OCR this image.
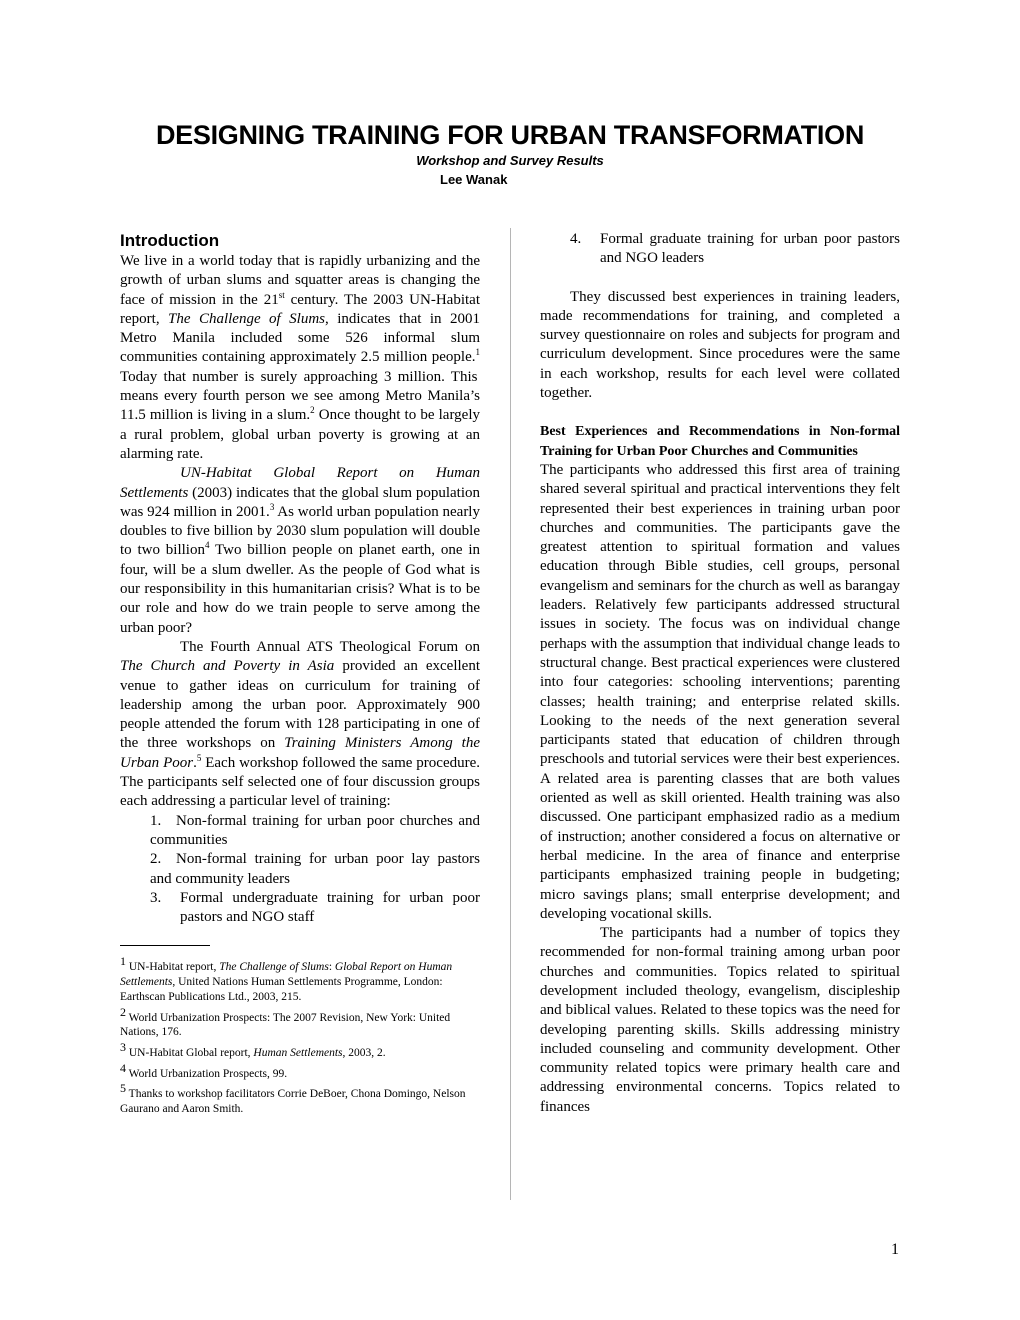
DESIGNING TRAINING FOR URBAN TRANSFORMATION
Workshop and Survey Results
Lee Wanak
Introduction

We live in a world today that is rapidly urbanizing and the growth of urban slums and squatter areas is changing the face of mission in the 21st century. The 2003 UN-Habitat report, The Challenge of Slums, indicates that in 2001 Metro Manila included some 526 informal slum communities containing approximately 2.5 million people.$^1$ Today that number is surely approaching 3 million. This means every fourth person we see among Metro Manila’s 11.5 million is living in a slum.$^2$ Once thought to be largely a rural problem, global urban poverty is growing at an alarming rate.

UN-Habitat Global Report on Human Settlements (2003) indicates that the global slum population was 924 million in 2001.$^3$ As world urban population nearly doubles to five billion by 2030 slum population will double to two billion$^4$ Two billion people on planet earth, one in four, will be a slum dweller. As the people of God what is our responsibility in this humanitarian crisis? What is to be our role and how do we train people to serve among the urban poor?

The Fourth Annual ATS Theological Forum on The Church and Poverty in Asia provided an excellent venue to gather ideas on curriculum for training of leadership among the urban poor. Approximately 900 people attended the forum with 128 participating in one of the three workshops on Training Ministers Among the Urban Poor.$^5$ Each workshop followed the same procedure. The participants self selected one of four discussion groups each addressing a particular level of training:

1. Non-formal training for urban poor churches and communities
2. Non-formal training for urban poor lay pastors and community leaders
3.	Formal undergraduate training for urban poor pastors and NGO staff

1 UN-Habitat report, The Challenge of Slums: Global Report on Human Settlements, United Nations Human Settlements Programme, London: Earthscan Publications Ltd., 2003, 215.

2 World Urbanization Prospects: The 2007 Revision, New York: United Nations, 176.

3 UN-Habitat Global report, Human Settlements, 2003, 2.

4 World Urbanization Prospects, 99.

5 Thanks to workshop facilitators Corrie DeBoer, Chona Domingo, Nelson Gaurano and Aaron Smith.

4.	Formal graduate training for urban poor pastors and NGO leaders

They discussed best experiences in training leaders, made recommendations for training, and completed a survey questionnaire on roles and subjects for program and curriculum development. Since procedures were the same in each workshop, results for each level were collated together.

Best Experiences and Recommendations in Non-formal Training for Urban Poor Churches and Communities

The participants who addressed this first area of training shared several spiritual and practical interventions they felt represented their best experiences in training urban poor churches and communities. The participants gave the greatest attention to spiritual formation and values education through Bible studies, cell groups, personal evangelism and seminars for the church as well as barangay leaders. Relatively few participants addressed structural issues in society. The focus was on individual change perhaps with the assumption that individual change leads to structural change. Best practical experiences were clustered into four categories: schooling interventions; parenting classes; health training; and enterprise related skills. Looking to the needs of the next generation several participants stated that education of children through preschools and tutorial services were their best experiences. A related area is parenting classes that are both values oriented as well as skill oriented. Health training was also discussed. One participant emphasized radio as a medium of instruction; another considered a focus on alternative or herbal medicine. In the area of finance and enterprise participants emphasized training people in budgeting; micro savings plans; small enterprise development; and developing vocational skills.

The participants had a number of topics they recommended for non-formal training among urban poor churches and communities. Topics related to spiritual development included theology, evangelism, discipleship and biblical values. Related to these topics was the need for developing parenting skills. Skills addressing ministry included counseling and community development. Other community related topics were primary health care and addressing environmental concerns. Topics related to finances

1
